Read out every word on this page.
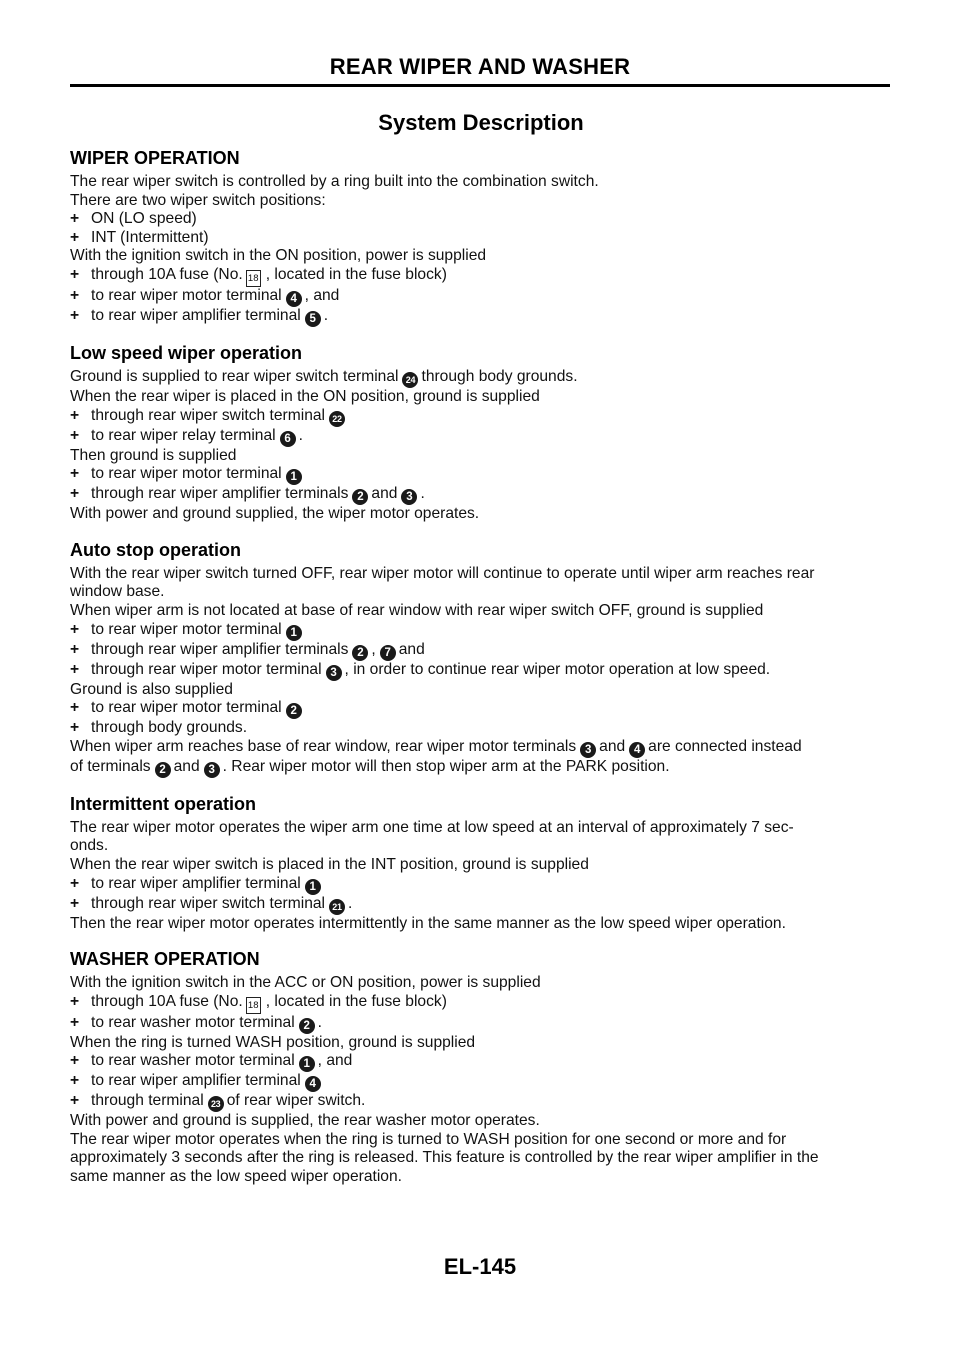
REAR WIPER AND WASHER
System Description
WIPER OPERATION
The rear wiper switch is controlled by a ring built into the combination switch.
There are two wiper switch positions:
+ ON (LO speed)
+ INT (Intermittent)
With the ignition switch in the ON position, power is supplied
+ through 10A fuse (No. 18 , located in the fuse block)
+ to rear wiper motor terminal 4 , and
+ to rear wiper amplifier terminal 5 .
Low speed wiper operation
Ground is supplied to rear wiper switch terminal 24 through body grounds.
When the rear wiper is placed in the ON position, ground is supplied
+ through rear wiper switch terminal 22
+ to rear wiper relay terminal 6 .
Then ground is supplied
+ to rear wiper motor terminal 1
+ through rear wiper amplifier terminals 2 and 3 .
With power and ground supplied, the wiper motor operates.
Auto stop operation
With the rear wiper switch turned OFF, rear wiper motor will continue to operate until wiper arm reaches rear
window base.
When wiper arm is not located at base of rear window with rear wiper switch OFF, ground is supplied
+ to rear wiper motor terminal 1
+ through rear wiper amplifier terminals 2 , 7 and
+ through rear wiper motor terminal 3 , in order to continue rear wiper motor operation at low speed.
Ground is also supplied
+ to rear wiper motor terminal 2
+ through body grounds.
When wiper arm reaches base of rear window, rear wiper motor terminals 3 and 4 are connected instead
of terminals 2 and 3 . Rear wiper motor will then stop wiper arm at the PARK position.
Intermittent operation
The rear wiper motor operates the wiper arm one time at low speed at an interval of approximately 7 sec-
onds.
When the rear wiper switch is placed in the INT position, ground is supplied
+ to rear wiper amplifier terminal 1
+ through rear wiper switch terminal 21 .
Then the rear wiper motor operates intermittently in the same manner as the low speed wiper operation.
WASHER OPERATION
With the ignition switch in the ACC or ON position, power is supplied
+ through 10A fuse (No. 18 , located in the fuse block)
+ to rear washer motor terminal 2 .
When the ring is turned WASH position, ground is supplied
+ to rear washer motor terminal 1 , and
+ to rear wiper amplifier terminal 4
+ through terminal 23 of rear wiper switch.
With power and ground is supplied, the rear washer motor operates.
The rear wiper motor operates when the ring is turned to WASH position for one second or more and for
approximately 3 seconds after the ring is released. This feature is controlled by the rear wiper amplifier in the
same manner as the low speed wiper operation.
EL-145
